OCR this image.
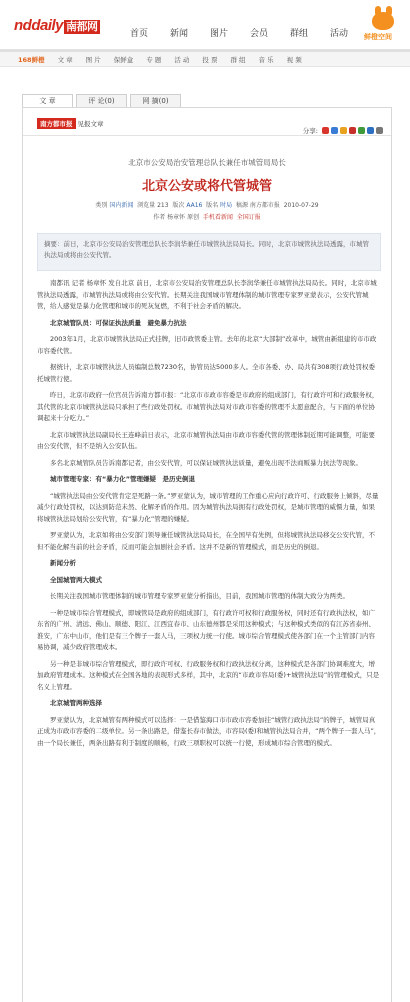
nddaily 南都网
首页	新闻	图片	会员	群组	活动	鲜橙空间
168鲜橙 文 章 图 片 保鲜盒 专 题 活 动 投 票 群 组 音 乐 视 频
文 章	评 论(0)	网 摘(0)
南方都市报 见报文章
分享:
北京市公安局治安管理总队长兼任市城管局局长
北京公安或将代管城管
类别 国内新闻 浏览量 213 版次 AA16 版名 时局 稿源 南方都市报 2010-07-29
作者 杨章怀 原创 手机看新闻 全国订报
摘要：前日，北京市公安局治安管理总队长李润华兼任市城管执法局局长。同时，北京市城管执法局透露，市城管执法局或将由公安代管。

南都讯 记者 杨章怀 发自北京 前日，北京市公安局治安管理总队长李润华兼任市城管执法局局长。同时，北京市城管执法局透露，市城管执法局或将由公安代管。长期关注我国城市管理体制的城市管理专家罗亚蒙表示，公安代管城管，给人感觉是暴力化管理和城市的死灰复燃，不利于社会矛盾的解决。

北京城管队员：可保证执法质量　避免暴力抗法

2003年1月，北京市城管执法局正式挂牌，旧市政管委主管。去年的北京“大部制”改革中，城管由新组建的市市政市容委代管。

据统计，北京市城管执法人员编制总数7230名，协管员达5000多人。全市各委、办、局共有308项行政处罚权委托城管行使。

昨日，北京市政府一位官员告诉南方都市报：“北京市市政市容委是市政府的组成部门，有行政许可和行政服务权，其代管的北京市城管执法局只承担了些行政处罚权。市城管执法局对市政市容委的管理不太愿意配合，与下面的单位协调起来十分吃力。”

北京市城管执法局副局长王连峰前日表示，北京市城管执法局由市政市容委代管的管理体制近期可能调整，可能要由公安代管，但不是纳入公安队伍。

多名北京城管队员告诉南都记者，由公安代管，可以保证城管执法质量，避免出现不法商贩暴力抗法等现象。

城市管理专家：有“暴力化”管理嫌疑　是历史倒退

“城管执法局由公安代管肯定是死路一条。”罗亚蒙认为，城市管理的工作重心应向行政许可、行政服务上倾斜，尽量减少行政处罚权，以达到防范未然、化解矛盾的作用。因为城管执法局拥有行政处罚权，是城市管理的威慑力量，如果将城管执法局划给公安代管，有“暴力化”管理的嫌疑。

罗亚蒙认为，北京如将由公安部门领导兼任城管执法局局长，在全国早有先例，但将城管执法局移交公安代管，不但不能化解当前的社会矛盾，反而可能会加剧社会矛盾。这并不是新的管理模式，而是历史的倒退。

新闻分析

全国城管两大模式

长期关注我国城市管理体制的城市管理专家罗亚蒙分析指出，目前，我国城市管理的体制大致分为两类。

一种是城市综合管理模式，即城管局是政府的组成部门，有行政许可权和行政服务权，同时还有行政执法权，如广东省的广州、清远、佛山、顺德、阳江、江西宜春市、山东德州都是采用这种模式；与这种模式类似的有江苏省泰州、淮安，广东中山市，他们是有三个牌子一套人马，三项权力统一行使。城市综合管理模式使各部门在一个主管部门内容易协调，减少政府管理成本。

另一种是非城市综合管理模式，即行政许可权、行政服务权和行政执法权分离，这种模式是各部门协调难度大，增加政府管理成本。这种模式在全国各地的表现形式多样，其中，北京的“市政市容局(委)+城管执法局”的管理模式，只是名义上管理。

北京城管两种选择

罗亚蒙认为，北京城管有两种模式可以选择：一是借鉴海口市市政市容委加挂“城管行政执法局”的牌子，城管局真正成为市政市容委的二级单位。另一条出路是，借鉴长春市做法，市容局(委)和城管执法局合并，“两个牌子一套人马”，由一个局长兼任，两条出路有利于制度的顺畅，行政三项职权可以统一行使，形成城市综合管理的模式。
